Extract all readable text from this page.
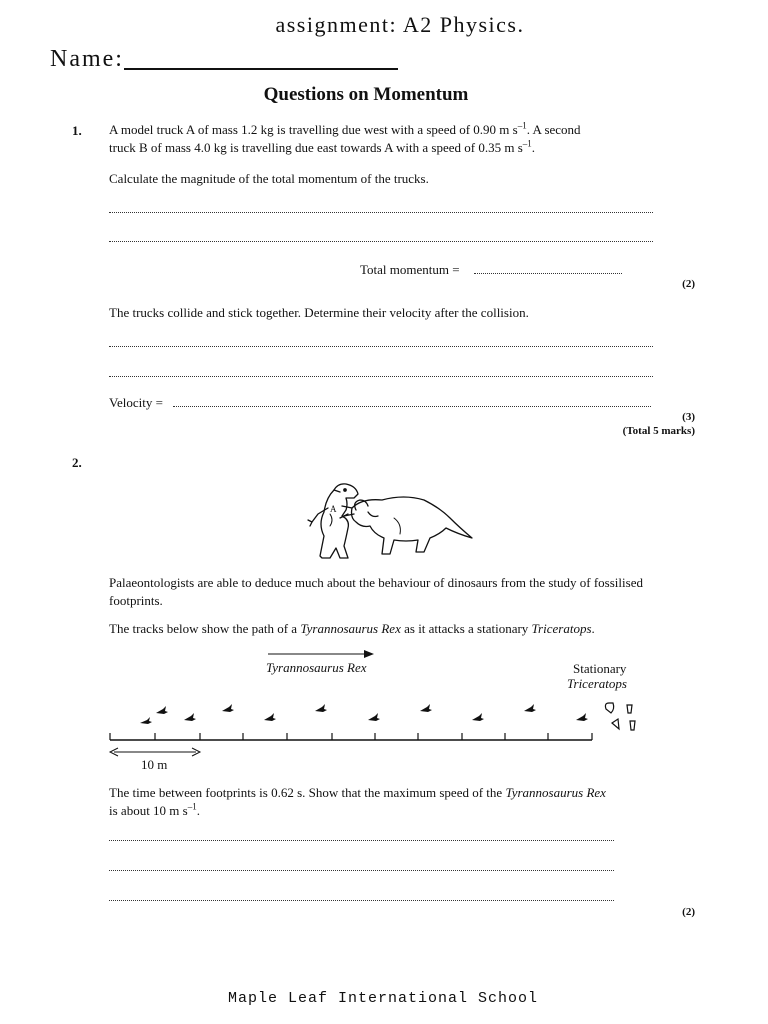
assignment: A2 Physics.
Name:
Questions on Momentum
1. A model truck A of mass 1.2 kg is travelling due west with a speed of 0.90 m $s^{-1}$. A second
truck B of mass 4.0 kg is travelling due east towards A with a speed of 0.35 m $s^{-1}$.
Calculate the magnitude of the total momentum of the trucks.
Total momentum =
(2)
The trucks collide and stick together. Determine their velocity after the collision.
Velocity =
(3)
(Total 5 marks)
2.
A
Palaeontologists are able to deduce much about the behaviour of dinosaurs from the study of fossilised footprints.
The tracks below show the path of a Tyrannosaurus Rex as it attacks a stationary Triceratops.
Tyrannosaurus Rex	Stationary
Triceratops
10 m
The time between footprints is 0.62 s. Show that the maximum speed of the Tyrannosaurus Rex
is about 10 m $s^{-1}$.
(2)
Maple Leaf International School
